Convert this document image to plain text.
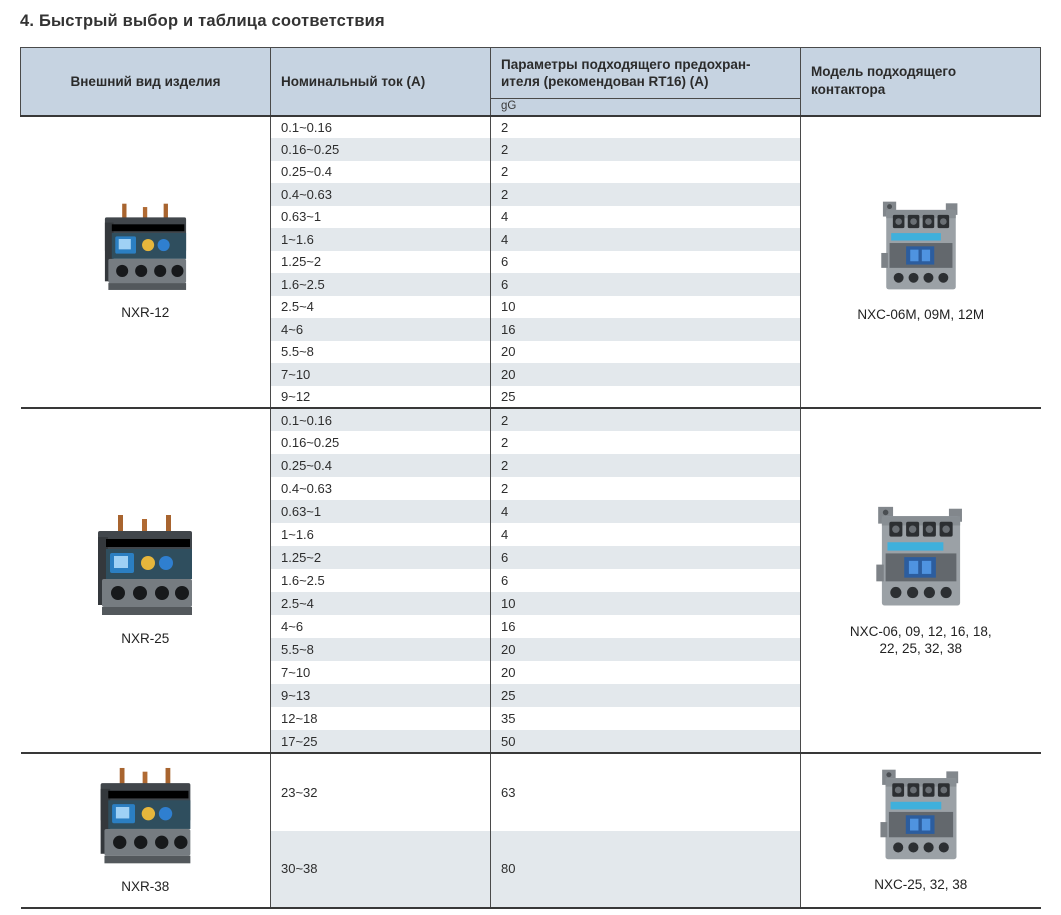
4. Быстрый выбор и таблица соответствия
Внешний вид изделия	Номинальный ток (А)	Параметры подходящего предохран-
ителя (рекомендован RT16) (А)	Модель подходящего контактора
		gG	

NXR-12	0.1~0.16	2	NXC-06M, 09M, 12M

	0.16~0.25	2	
	0.25~0.4	2	
	0.4~0.63	2	
	0.63~1	4	
	1~1.6	4	
	1.25~2	6	
	1.6~2.5	6	
	2.5~4	10	
	4~6	16	
	5.5~8	20	
	7~10	20	
	9~12	25	

NXR-25	0.1~0.16	2	NXC-06, 09, 12, 16, 18, 22, 25, 32, 38

	0.16~0.25	2	
	0.25~0.4	2	
	0.4~0.63	2	
	0.63~1	4	
	1~1.6	4	
	1.25~2	6	
	1.6~2.5	6	
	2.5~4	10	
	4~6	16	
	5.5~8	20	
	7~10	20	
	9~13	25	
	12~18	35	
	17~25	50	

NXR-38	23~32	63	NXC-25, 32, 38

	30~38	80	
